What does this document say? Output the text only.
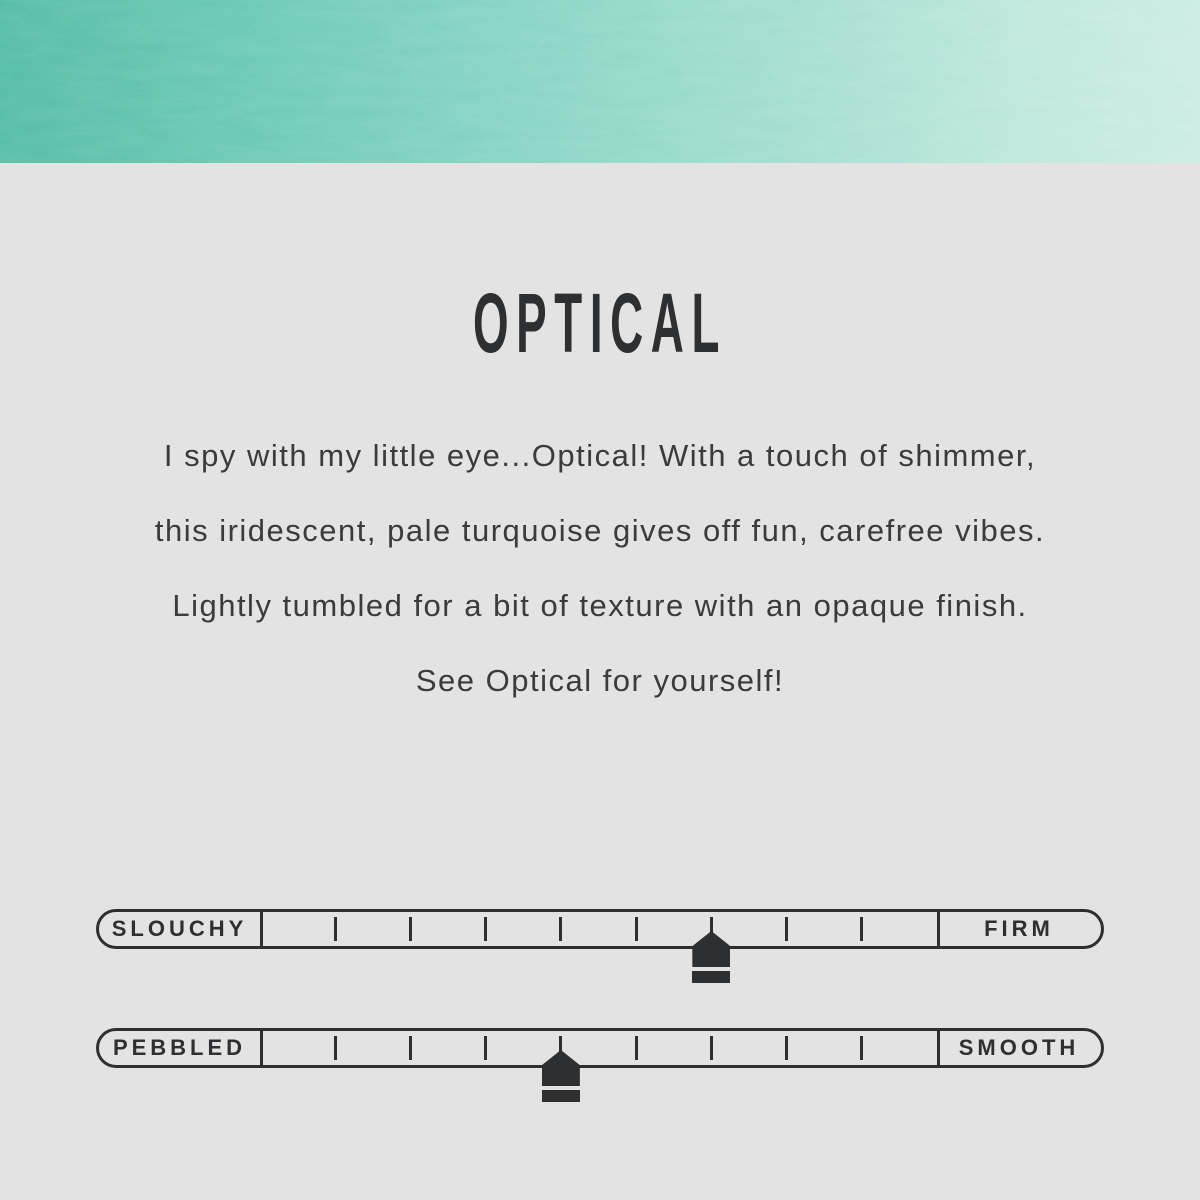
OPTICAL
I spy with my little eye...Optical! With a touch of shimmer,
this iridescent, pale turquoise gives off fun, carefree vibes.
Lightly tumbled for a bit of texture with an opaque finish.
See Optical for yourself!
SLOUCHY	FIRM
PEBBLED	SMOOTH
